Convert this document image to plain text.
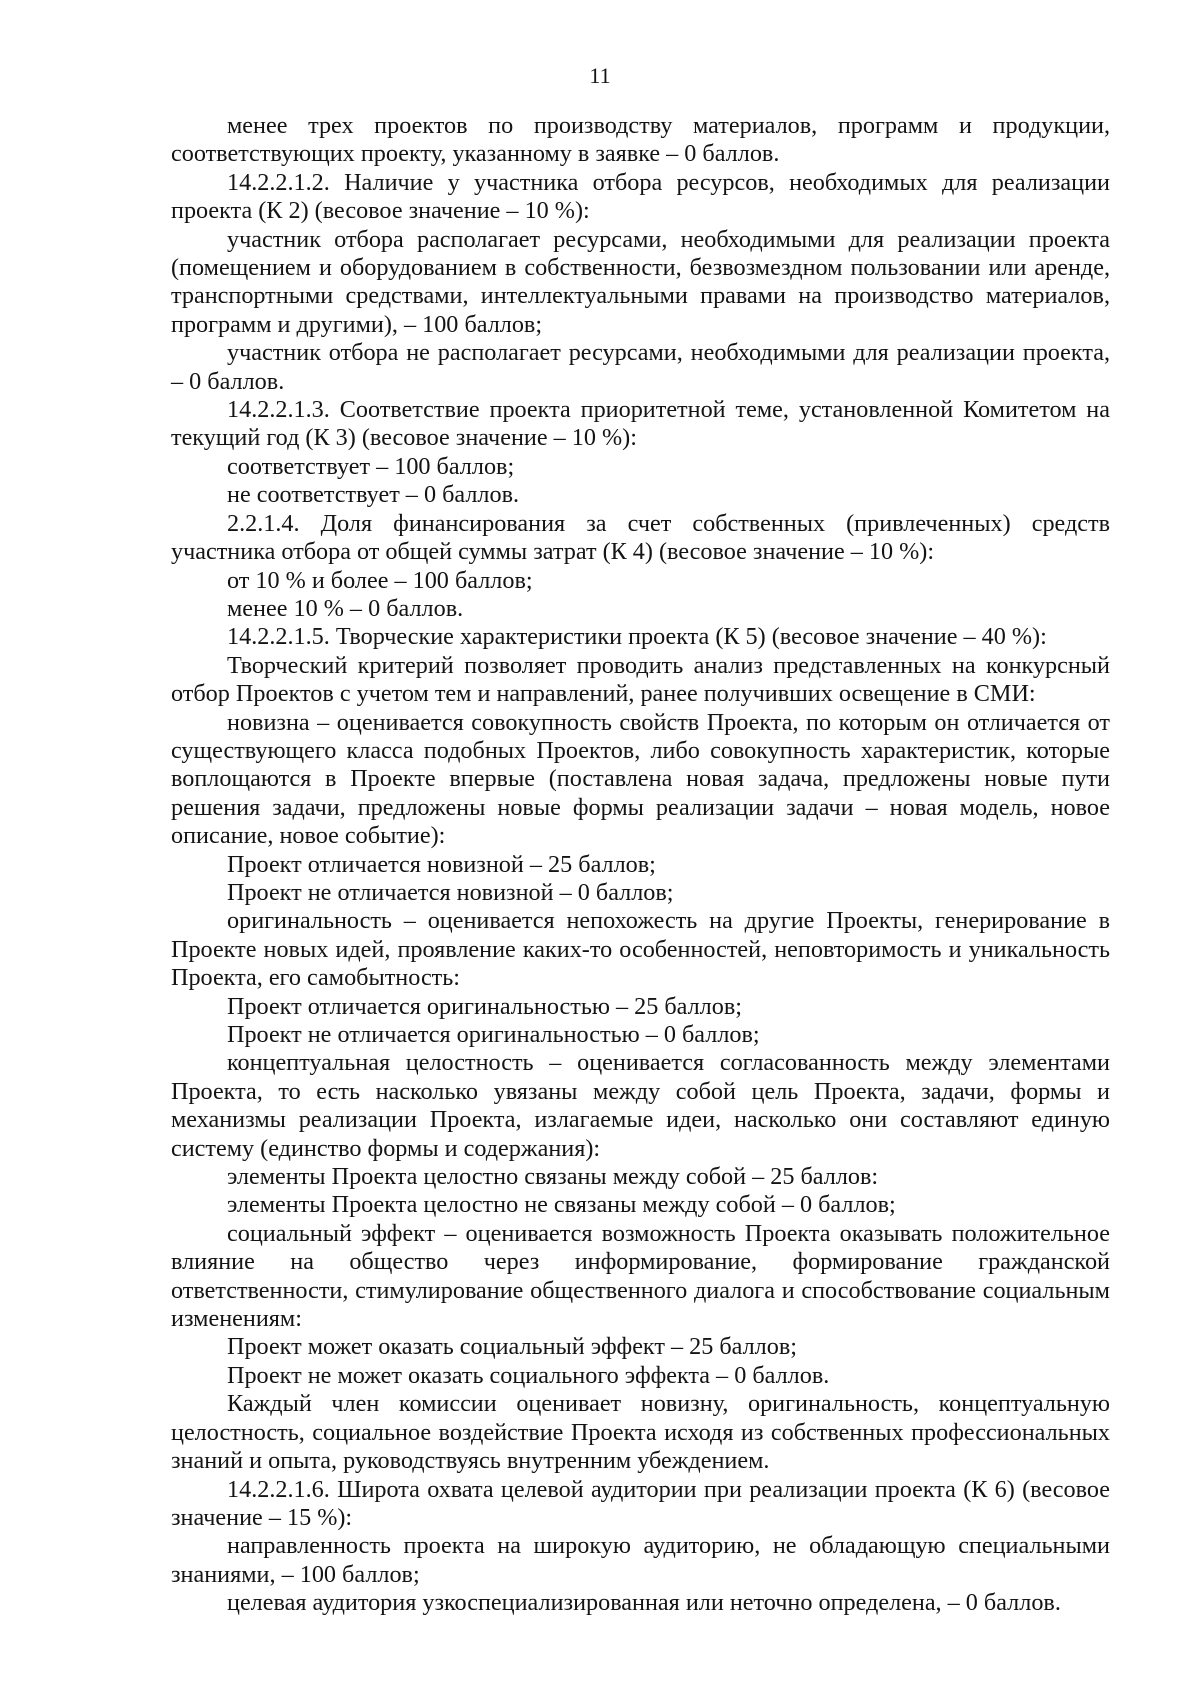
11

менее трех проектов по производству материалов, программ и продукции, соответствующих проекту, указанному в заявке – 0 баллов.

14.2.2.1.2. Наличие у участника отбора ресурсов, необходимых для реализации проекта (К 2) (весовое значение – 10 %):

участник отбора располагает ресурсами, необходимыми для реализации проекта (помещением и оборудованием в собственности, безвозмездном пользовании или аренде, транспортными средствами, интеллектуальными правами на производство материалов, программ и другими), – 100 баллов;

участник отбора не располагает ресурсами, необходимыми для реализации проекта, – 0 баллов.

14.2.2.1.3. Соответствие проекта приоритетной теме, установленной Комитетом на текущий год (К 3) (весовое значение – 10 %):

соответствует – 100 баллов;

не соответствует – 0 баллов.

2.2.1.4. Доля финансирования за счет собственных (привлеченных) средств участника отбора от общей суммы затрат (К 4) (весовое значение – 10 %):

от 10 % и более – 100 баллов;

менее 10 % – 0 баллов.

14.2.2.1.5. Творческие характеристики проекта (К 5) (весовое значение – 40 %):

Творческий критерий позволяет проводить анализ представленных на конкурсный отбор Проектов с учетом тем и направлений, ранее получивших освещение в СМИ:

новизна – оценивается совокупность свойств Проекта, по которым он отличается от существующего класса подобных Проектов, либо совокупность характеристик, которые воплощаются в Проекте впервые (поставлена новая задача, предложены новые пути решения задачи, предложены новые формы реализации задачи – новая модель, новое описание, новое событие):

Проект отличается новизной – 25 баллов;

Проект не отличается новизной – 0 баллов;

оригинальность – оценивается непохожесть на другие Проекты, генерирование в Проекте новых идей, проявление каких-то особенностей, неповторимость и уникальность Проекта, его самобытность:

Проект отличается оригинальностью – 25 баллов;

Проект не отличается оригинальностью – 0 баллов;

концептуальная целостность – оценивается согласованность между элементами Проекта, то есть насколько увязаны между собой цель Проекта, задачи, формы и механизмы реализации Проекта, излагаемые идеи, насколько они составляют единую систему (единство формы и содержания):

элементы Проекта целостно связаны между собой – 25 баллов:

элементы Проекта целостно не связаны между собой – 0 баллов;

социальный эффект – оценивается возможность Проекта оказывать положительное влияние на общество через информирование, формирование гражданской ответственности, стимулирование общественного диалога и способствование социальным изменениям:

Проект может оказать социальный эффект – 25 баллов;

Проект не может оказать социального эффекта – 0 баллов.

Каждый член комиссии оценивает новизну, оригинальность, концептуальную целостность, социальное воздействие Проекта исходя из собственных профессиональных знаний и опыта, руководствуясь внутренним убеждением.

14.2.2.1.6. Широта охвата целевой аудитории при реализации проекта (К 6) (весовое значение – 15 %):

направленность проекта на широкую аудиторию, не обладающую специальными знаниями, – 100 баллов;

целевая аудитория узкоспециализированная или неточно определена, – 0 баллов.
